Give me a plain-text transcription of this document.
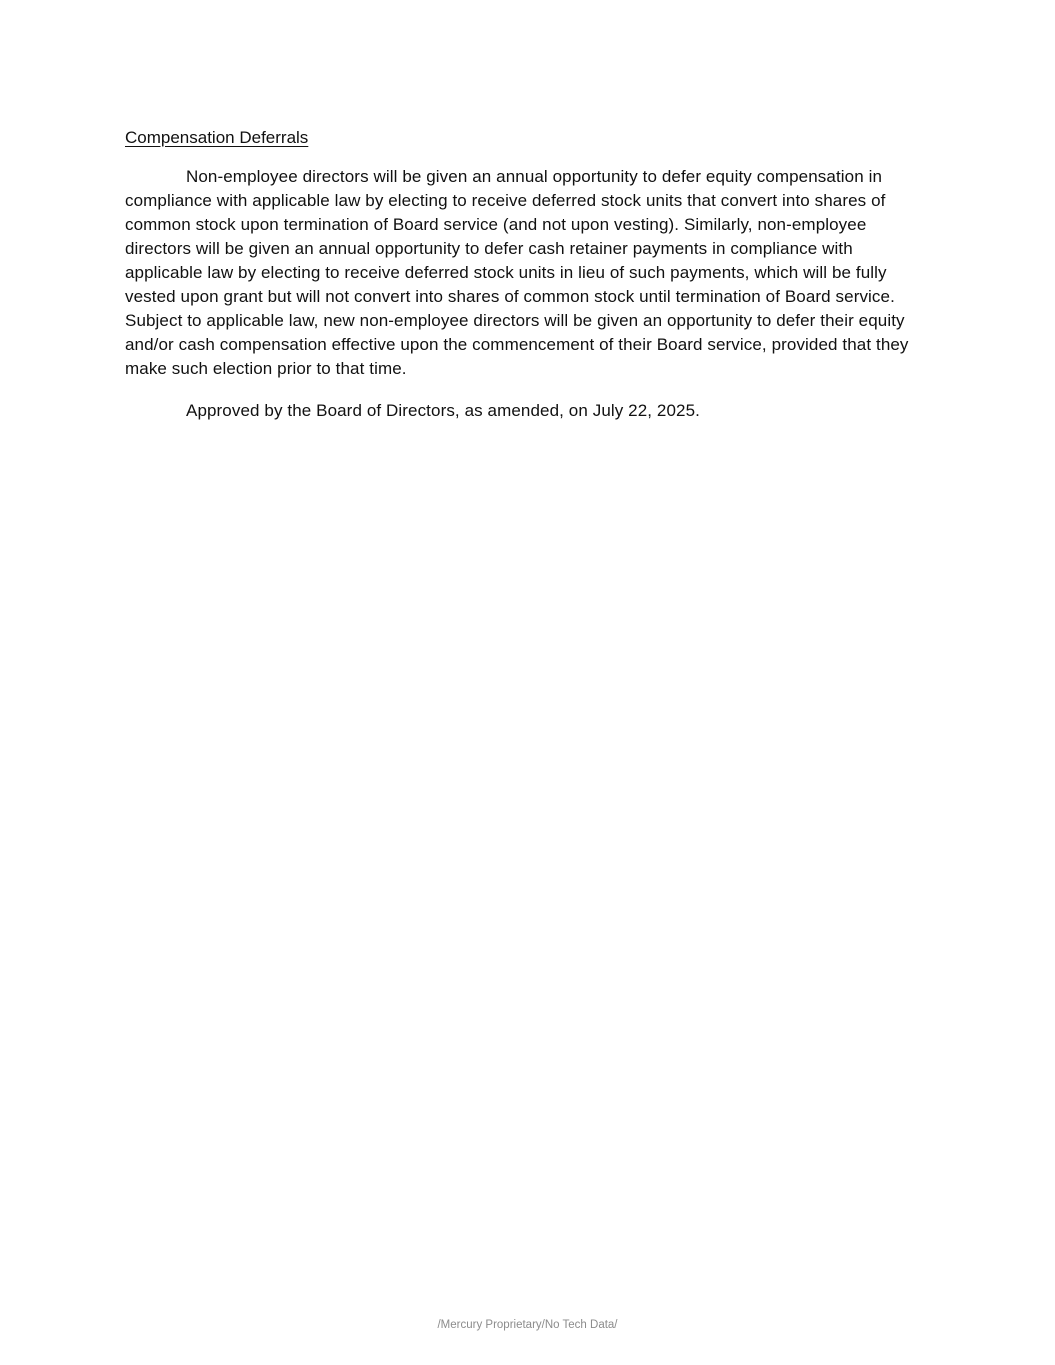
Compensation Deferrals

Non-employee directors will be given an annual opportunity to defer equity compensation in compliance with applicable law by electing to receive deferred stock units that convert into shares of common stock upon termination of Board service (and not upon vesting). Similarly, non-employee directors will be given an annual opportunity to defer cash retainer payments in compliance with applicable law by electing to receive deferred stock units in lieu of such payments, which will be fully vested upon grant but will not convert into shares of common stock until termination of Board service. Subject to applicable law, new non-employee directors will be given an opportunity to defer their equity and/or cash compensation effective upon the commencement of their Board service, provided that they make such election prior to that time.

Approved by the Board of Directors, as amended, on July 22, 2025.

/Mercury Proprietary/No Tech Data/
